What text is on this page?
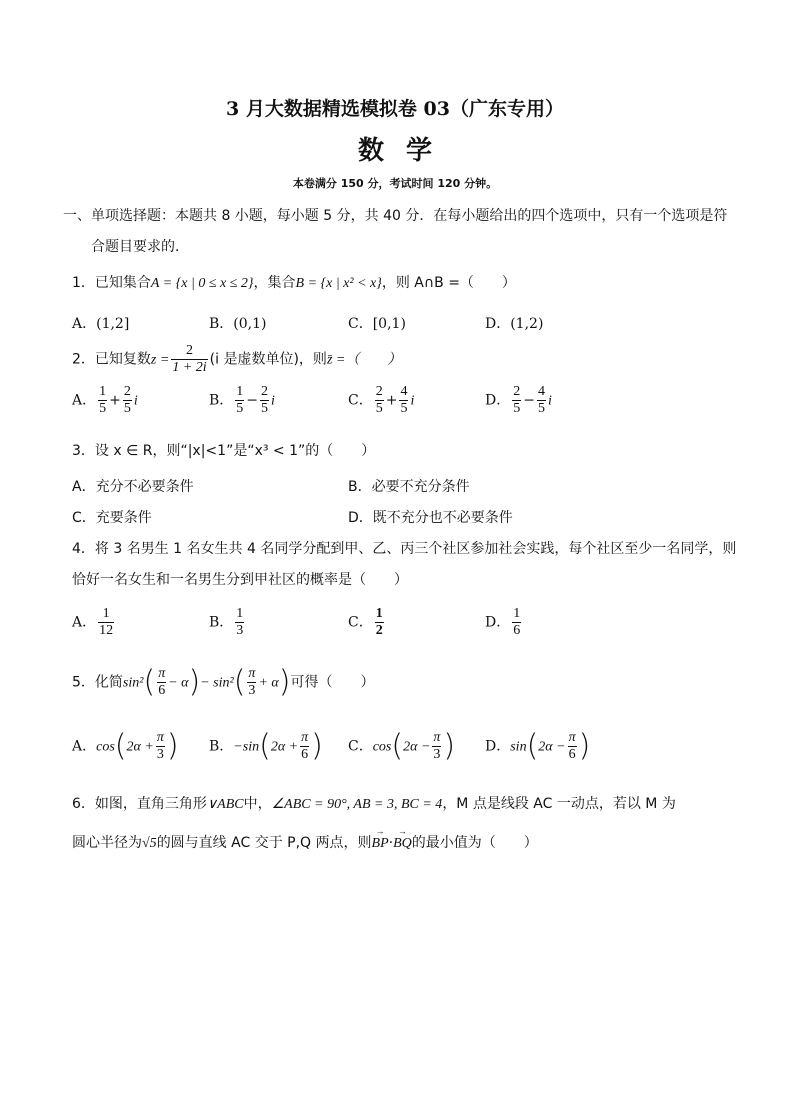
3 月大数据精选模拟卷 03（广东专用）
数学
本卷满分 150 分，考试时间 120 分钟。
一、单项选择题：本题共 8 小题，每小题 5 分，共 40 分．在每小题给出的四个选项中，只有一个选项是符
合题目要求的．
1．已知集合A = {x | 0 ≤ x ≤ 2}，集合B = {x | x² < x}，则 A∩B =（　　）
A．(1,2]	B．(0,1)	C．[0,1)	D．(1,2)
2．已知复数$z = \frac{2}{1 + 2i} (i$ 是虚数单位)，则z̄ =（　　）
A． $\frac{1}{5} + \frac{2}{5}$ i	B． $\frac{1}{5} - \frac{2}{5}$ i	C． $\frac{2}{5} + \frac{4}{5}$ i	D． $\frac{2}{5} - \frac{4}{5}$ i
3．设 x ∈ R，则“|x|<1”是“x³ < 1”的（　　）
A．充分不必要条件	B．必要不充分条件
C．充要条件	D．既不充分也不必要条件
4．将 3 名男生 1 名女生共 4 名同学分配到甲、乙、丙三个社区参加社会实践，每个社区至少一名同学，则
恰好一名女生和一名男生分到甲社区的概率是（　　）
A． $\frac{1}{12}$	B． $\frac{1}{3}$	C． $\frac{1}{2}$	D． $\frac{1}{6}$
5．化简$\sin^2( \frac{\pi}{6} - \alpha)- \sin^2( \frac{\pi}{3} + \alpha)$可得（　　）
A．$\cos(2\alpha + \frac{\pi}{3}$ ) B．$-\sin(2\alpha + \frac{\pi}{6}$ ) C．$\cos(2\alpha - \frac{\pi}{3}$ ) D．$\sin(2\alpha - \frac{\pi}{6}$ )
6．如图，直角三角形∨ABC中，∠ABC = 90°, AB = 3, BC = 4，M 点是线段 AC 一动点，若以 M 为
圆心半径为√5的圆与直线 AC 交于 P,Q 两点，则→ BP·→ BQ的最小值为（　　）
